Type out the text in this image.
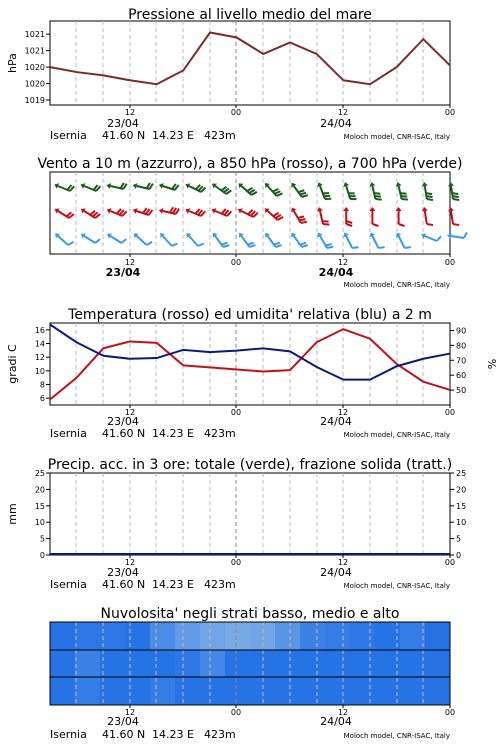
Pressione al livello medio del mare
1019
1020
1020
1021
1021
hPa
12	00	12	00
23/04	24/04
Isernia 41.60 N 14.23 E 423m	Moloch model, CNR-ISAC, Italy
Vento a 10 m (azzurro), a 850 hPa (rosso), a 700 hPa (verde)
12	00	12	00
23/04	24/04
Moloch model, CNR-ISAC, Italy
Temperatura (rosso) ed umidita' relativa (blu) a 2 m
6
8
10
12
14
16
50
60
70
80
90
gradi C	%
12	00	12	00
23/04	24/04
Isernia 41.60 N 14.23 E 423m	Moloch model, CNR-ISAC, Italy
Precip. acc. in 3 ore: totale (verde), frazione solida (tratt.)
0
5
10
15
20
25
0
5
10
15
20
25
mm
12	00	12	00
23/04	24/04
Isernia 41.60 N 14.23 E 423m	Moloch model, CNR-ISAC, Italy
Nuvolosita' negli strati basso, medio e alto
12	00	12	00
23/04	24/04
Isernia 41.60 N 14.23 E 423m	Moloch model, CNR-ISAC, Italy
